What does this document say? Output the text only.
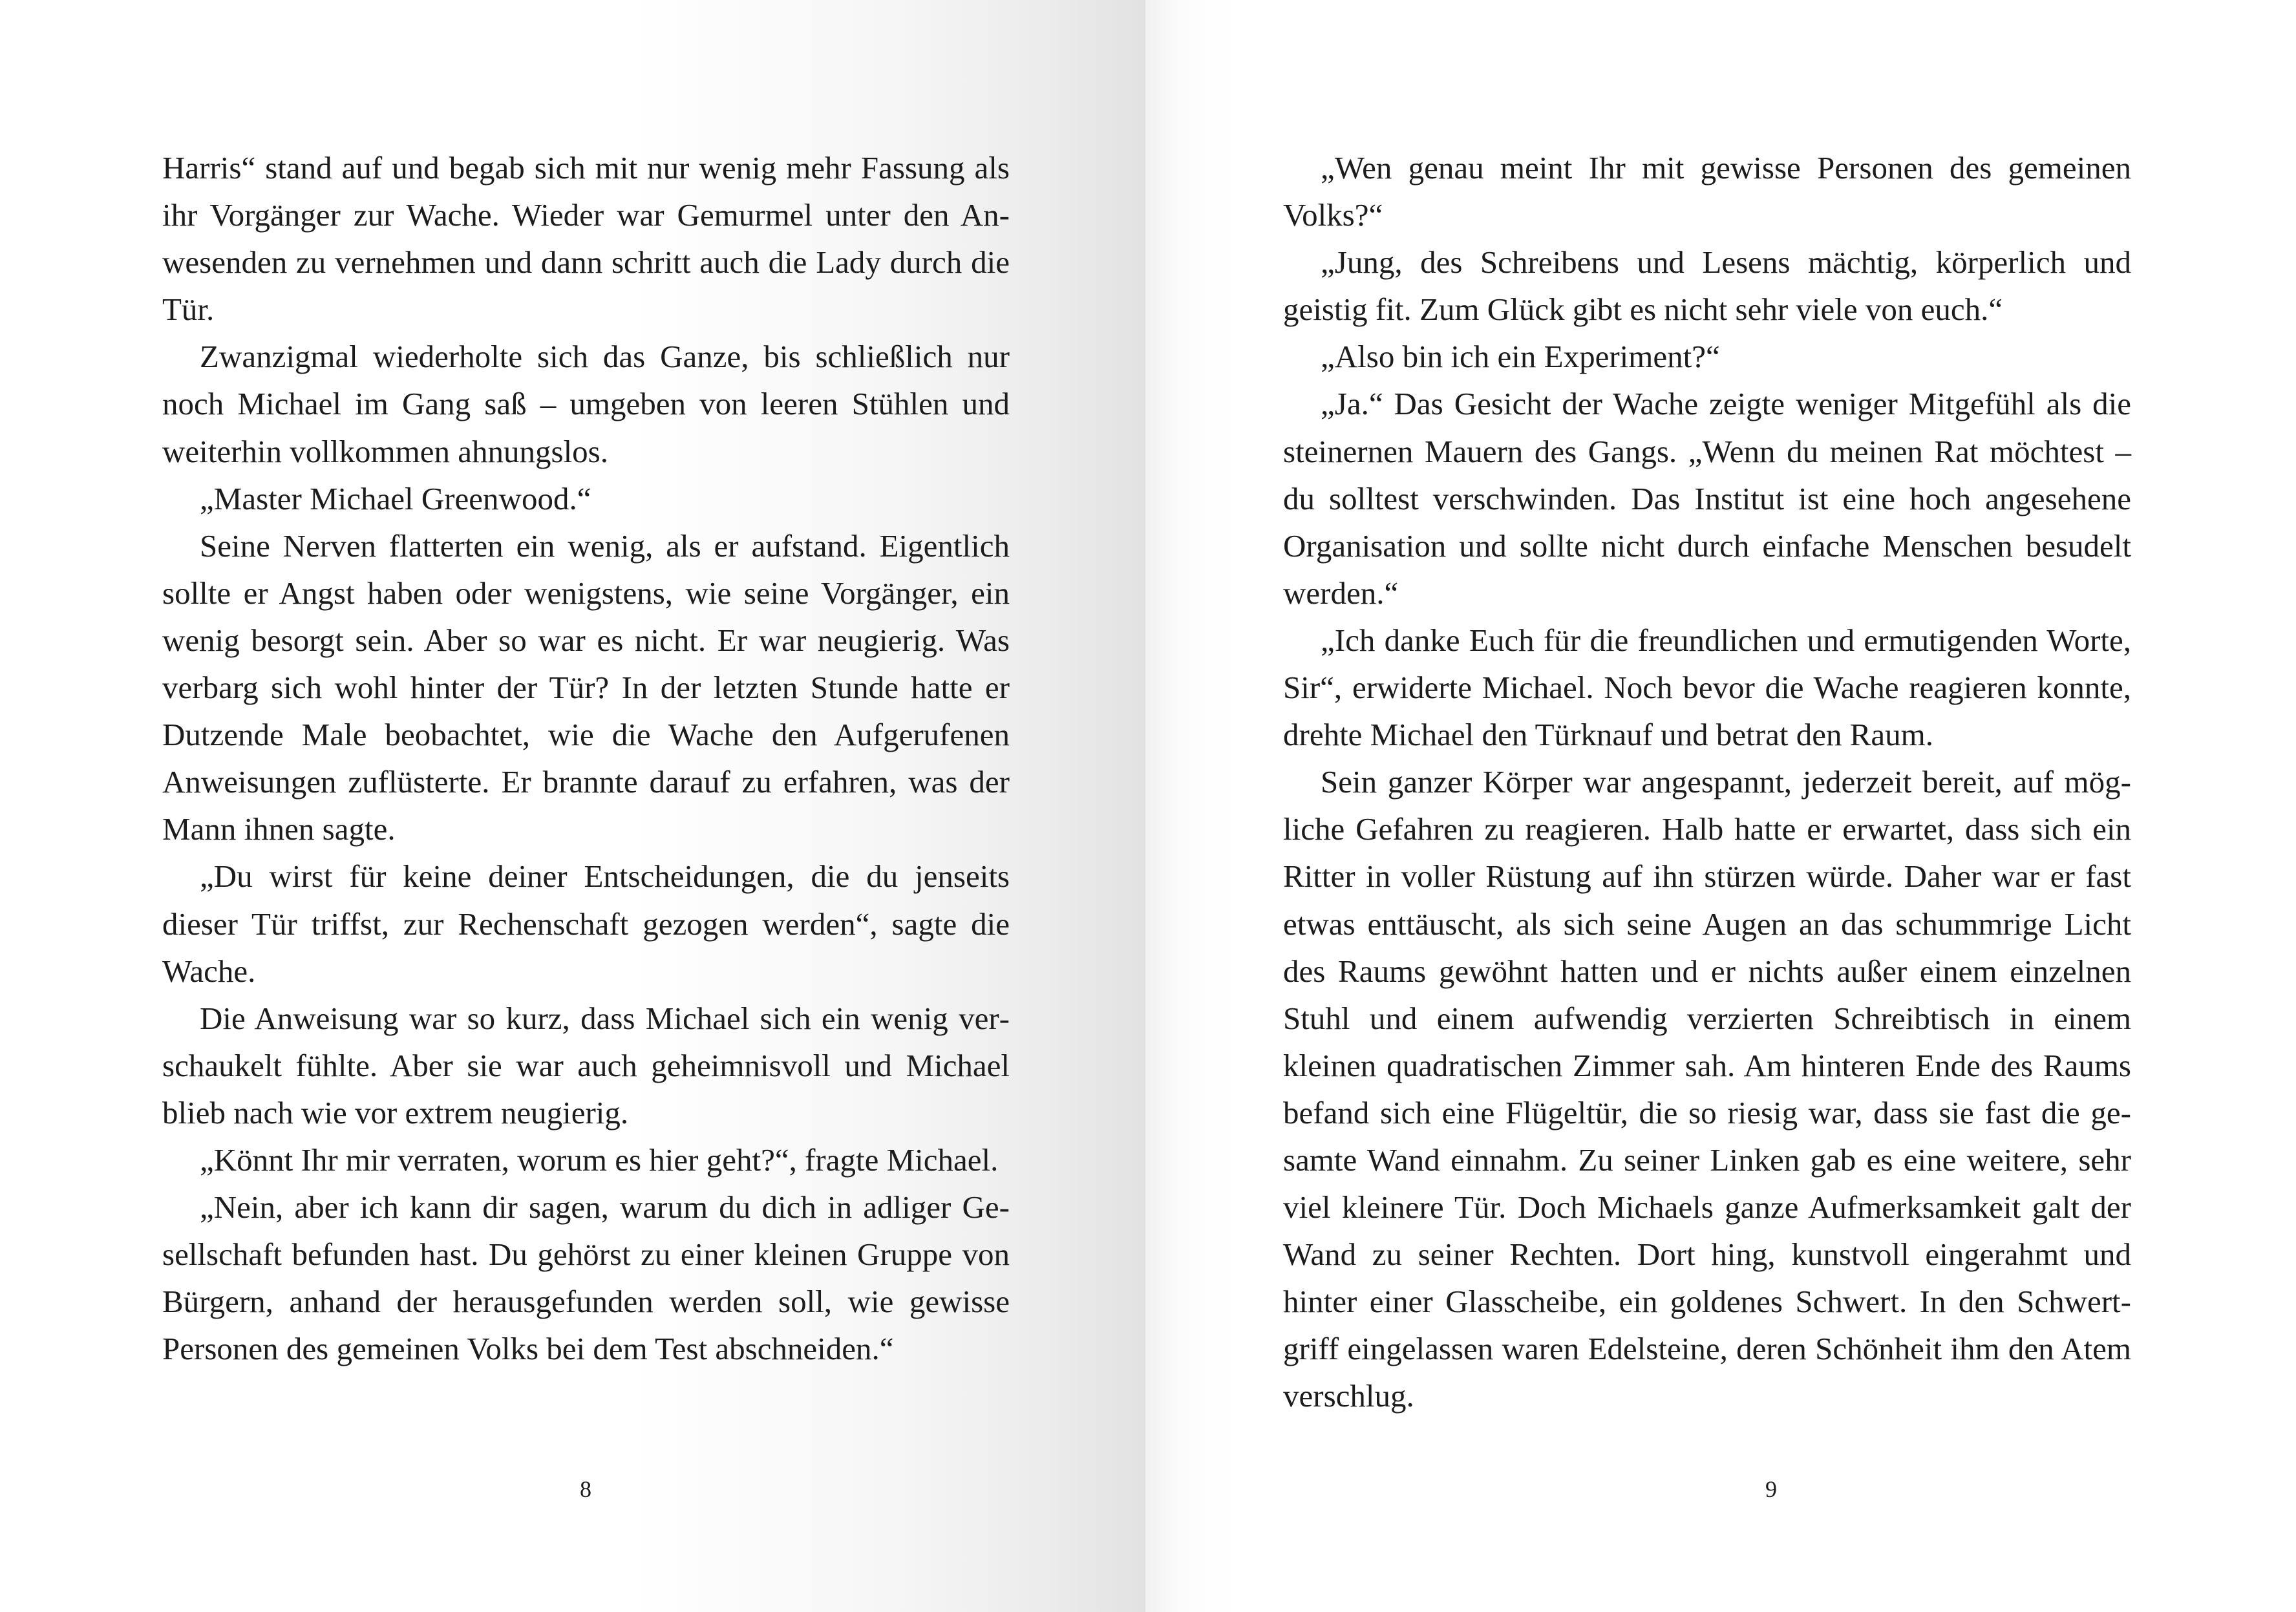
Harris“ stand auf und begab sich mit nur wenig mehr Fassung als ihr Vorgänger zur Wache. Wieder war Gemurmel unter den Anwesenden zu vernehmen und dann schritt auch die Lady durch die Tür.

Zwanzigmal wiederholte sich das Ganze, bis schließlich nur noch Michael im Gang saß – umgeben von leeren Stühlen und weiterhin vollkommen ahnungslos.

„Master Michael Greenwood.“

Seine Nerven flatterten ein wenig, als er aufstand. Eigentlich sollte er Angst haben oder wenigstens, wie seine Vorgänger, ein wenig besorgt sein. Aber so war es nicht. Er war neugierig. Was verbarg sich wohl hinter der Tür? In der letzten Stunde hatte er Dutzende Male beobachtet, wie die Wache den Aufgerufenen Anweisungen zuflüsterte. Er brannte darauf zu erfahren, was der Mann ihnen sagte.

„Du wirst für keine deiner Entscheidungen, die du jenseits dieser Tür triffst, zur Rechenschaft gezogen werden“, sagte die Wache.

Die Anweisung war so kurz, dass Michael sich ein wenig verschaukelt fühlte. Aber sie war auch geheimnisvoll und Michael blieb nach wie vor extrem neugierig.

„Könnt Ihr mir verraten, worum es hier geht?“, fragte Michael.

„Nein, aber ich kann dir sagen, warum du dich in adliger Gesellschaft befunden hast. Du gehörst zu einer kleinen Gruppe von Bürgern, anhand der herausgefunden werden soll, wie gewisse Personen des gemeinen Volks bei dem Test abschneiden.“

8

„Wen genau meint Ihr mit gewisse Personen des gemeinen Volks?“

„Jung, des Schreibens und Lesens mächtig, körperlich und geistig fit. Zum Glück gibt es nicht sehr viele von euch.“

„Also bin ich ein Experiment?“

„Ja.“ Das Gesicht der Wache zeigte weniger Mitgefühl als die steinernen Mauern des Gangs. „Wenn du meinen Rat möchtest – du solltest verschwinden. Das Institut ist eine hoch angesehene Organisation und sollte nicht durch einfache Menschen besudelt werden.“

„Ich danke Euch für die freundlichen und ermutigenden Worte, Sir“, erwiderte Michael. Noch bevor die Wache reagieren konnte, drehte Michael den Türknauf und betrat den Raum.

Sein ganzer Körper war angespannt, jederzeit bereit, auf mögliche Gefahren zu reagieren. Halb hatte er erwartet, dass sich ein Ritter in voller Rüstung auf ihn stürzen würde. Daher war er fast etwas enttäuscht, als sich seine Augen an das schummrige Licht des Raums gewöhnt hatten und er nichts außer einem einzelnen Stuhl und einem aufwendig verzierten Schreibtisch in einem kleinen quadratischen Zimmer sah. Am hinteren Ende des Raums befand sich eine Flügeltür, die so riesig war, dass sie fast die gesamte Wand einnahm. Zu seiner Linken gab es eine weitere, sehr viel kleinere Tür. Doch Michaels ganze Aufmerksamkeit galt der Wand zu seiner Rechten. Dort hing, kunstvoll eingerahmt und hinter einer Glasscheibe, ein goldenes Schwert. In den Schwertgriff eingelassen waren Edelsteine, deren Schönheit ihm den Atem verschlug.

9
